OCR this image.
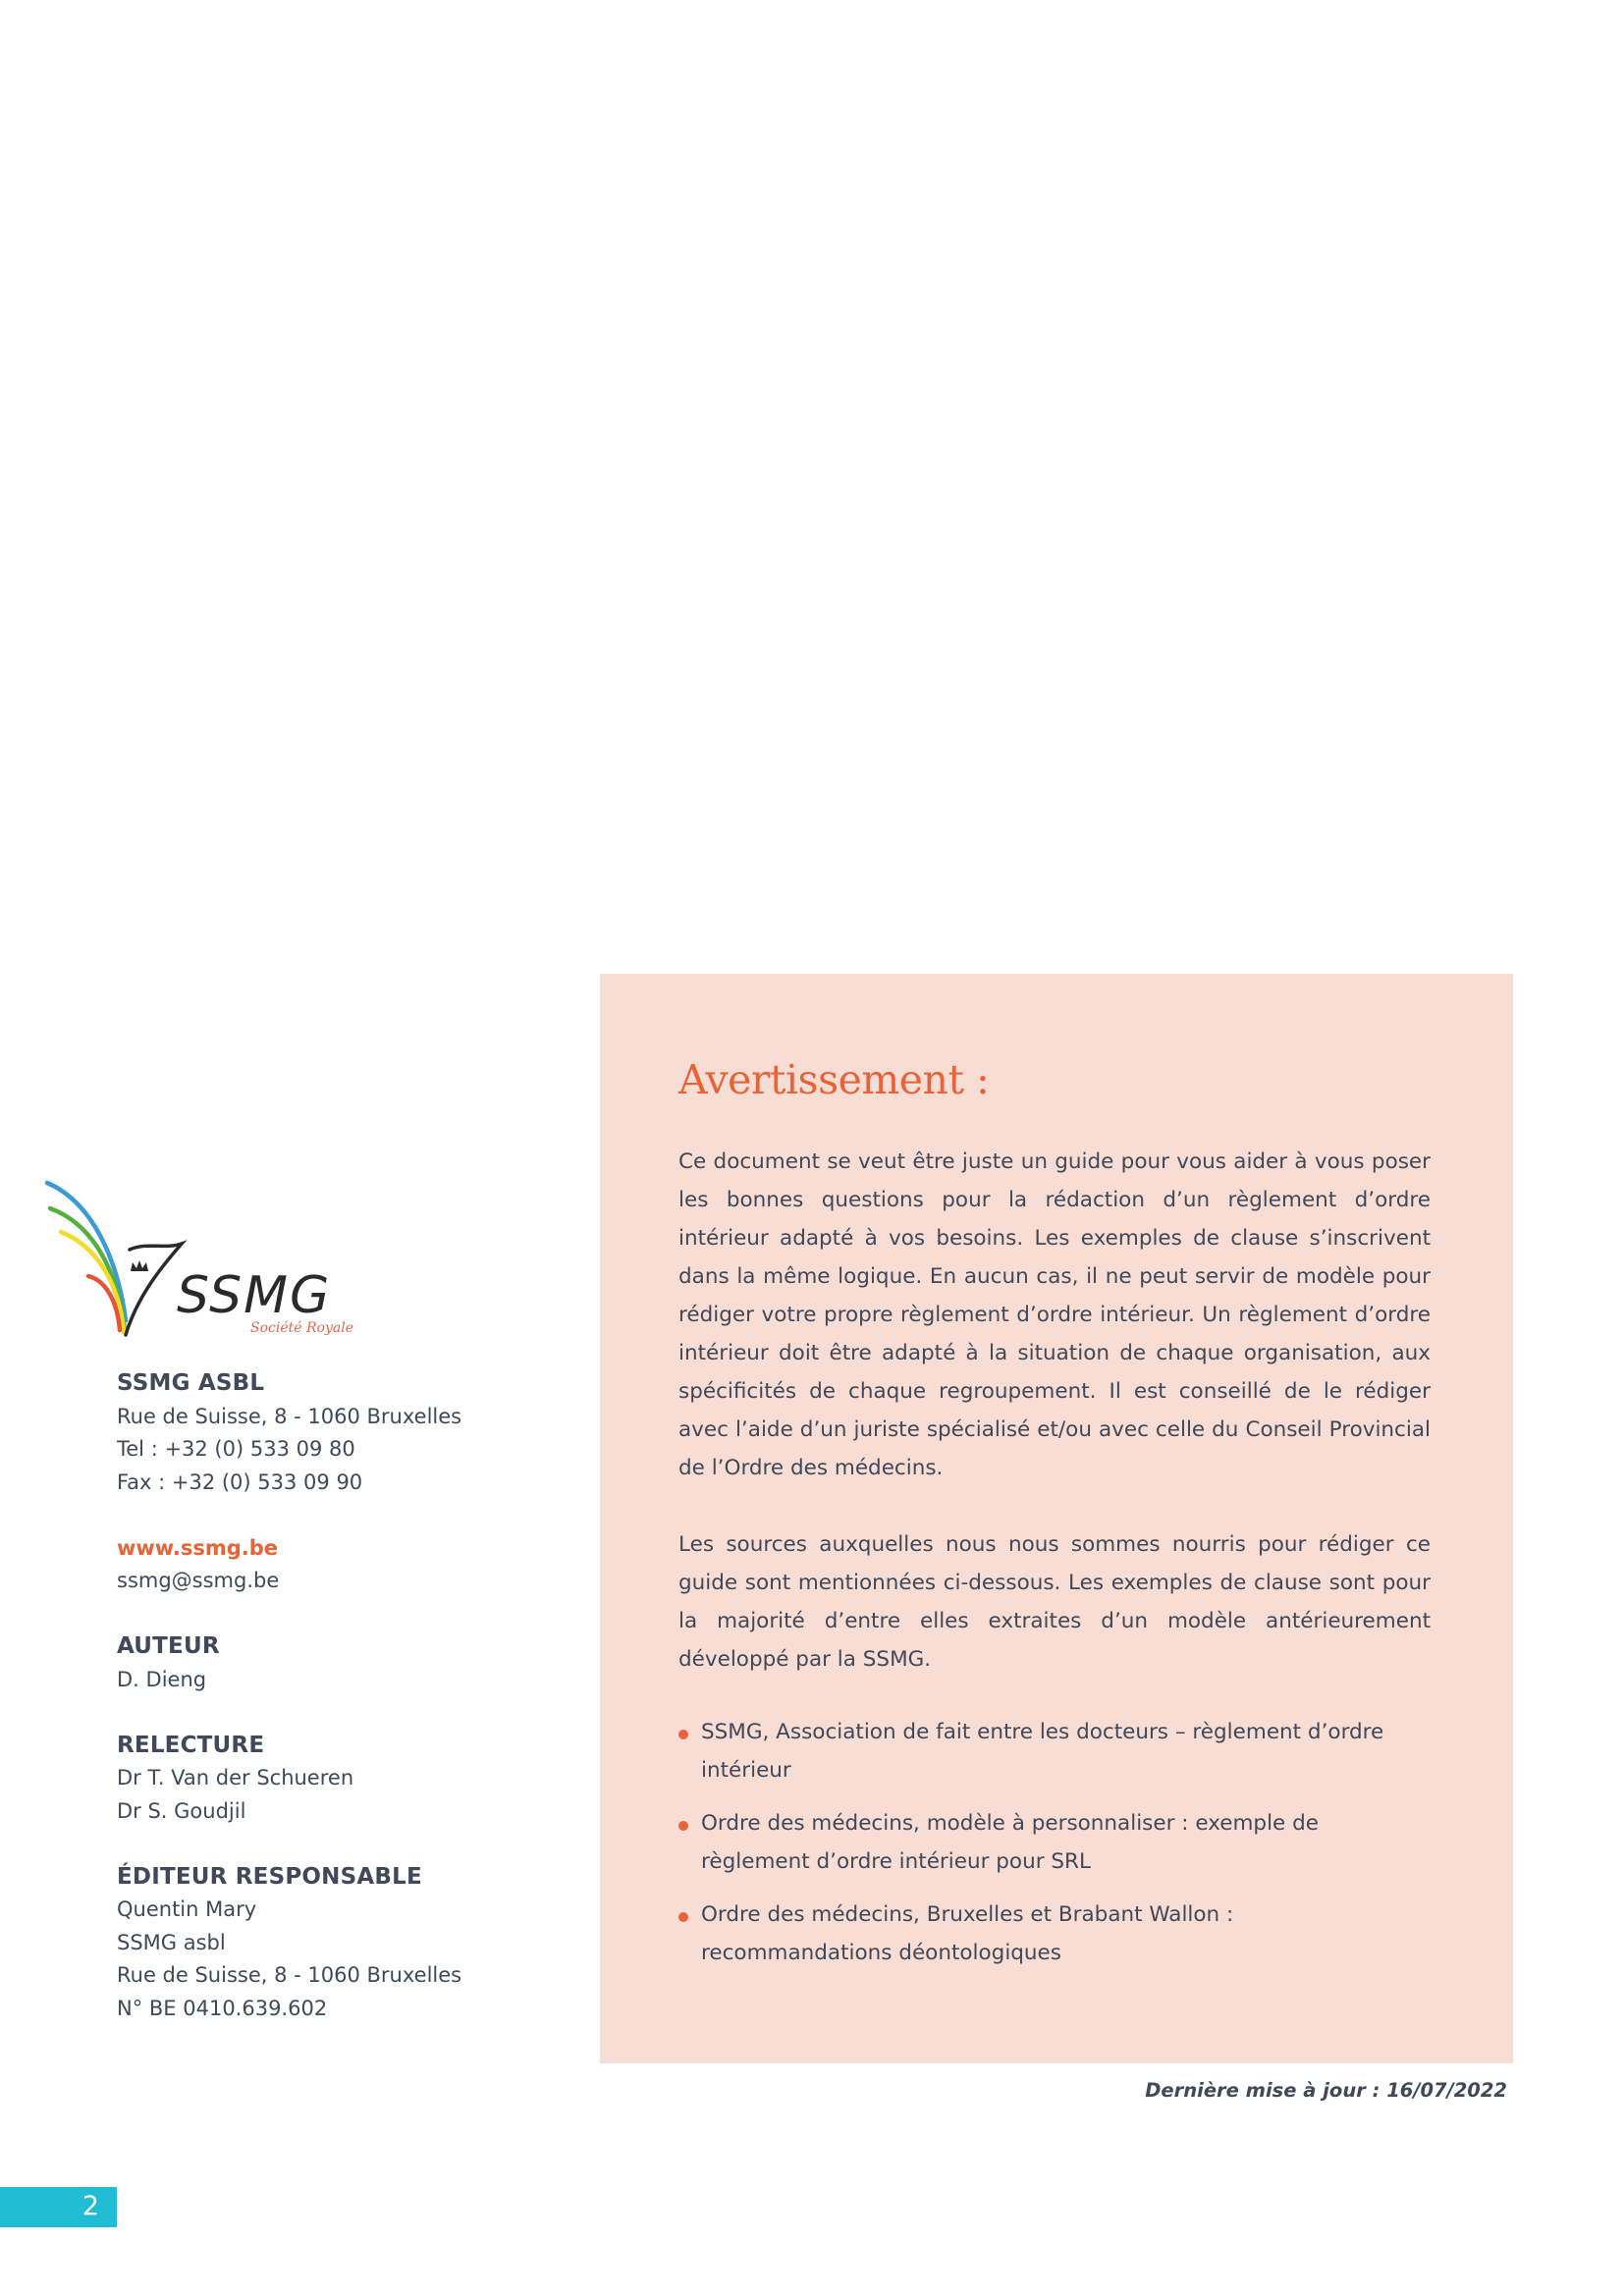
SSMG
Société Royale
SSMG ASBL
Rue de Suisse, 8 - 1060 Bruxelles
Tel : +32 (0) 533 09 80
Fax : +32 (0) 533 09 90
www.ssmg.be
ssmg@ssmg.be
AUTEUR
D. Dieng
RELECTURE
Dr T. Van der Schueren
Dr S. Goudjil
ÉDITEUR RESPONSABLE
Quentin Mary
SSMG asbl
Rue de Suisse, 8 - 1060 Bruxelles
N° BE 0410.639.602
Avertissement :

Ce document se veut être juste un guide pour vous aider à vous poser les bonnes questions pour la rédaction d’un règlement d’ordre intérieur adapté à vos besoins. Les exemples de clause s’inscrivent dans la même logique. En aucun cas, il ne peut servir de modèle pour rédiger votre propre règlement d’ordre intérieur. Un règlement d’ordre intérieur doit être adapté à la situation de chaque organisation, aux spécificités de chaque regroupement. Il est conseillé de le rédiger avec l’aide d’un juriste spécialisé et/ou avec celle du Conseil Provincial de l’Ordre des médecins.

Les sources auxquelles nous nous sommes nourris pour rédiger ce guide sont mentionnées ci-dessous. Les exemples de clause sont pour la majorité d’entre elles extraites d’un modèle antérieurement développé par la SSMG.

SSMG, Association de fait entre les docteurs – règlement d’ordre intérieur
Ordre des médecins, modèle à personnaliser : exemple de règlement d’ordre intérieur pour SRL
Ordre des médecins, Bruxelles et Brabant Wallon : recommandations déontologiques
Dernière mise à jour : 16/07/2022
2
